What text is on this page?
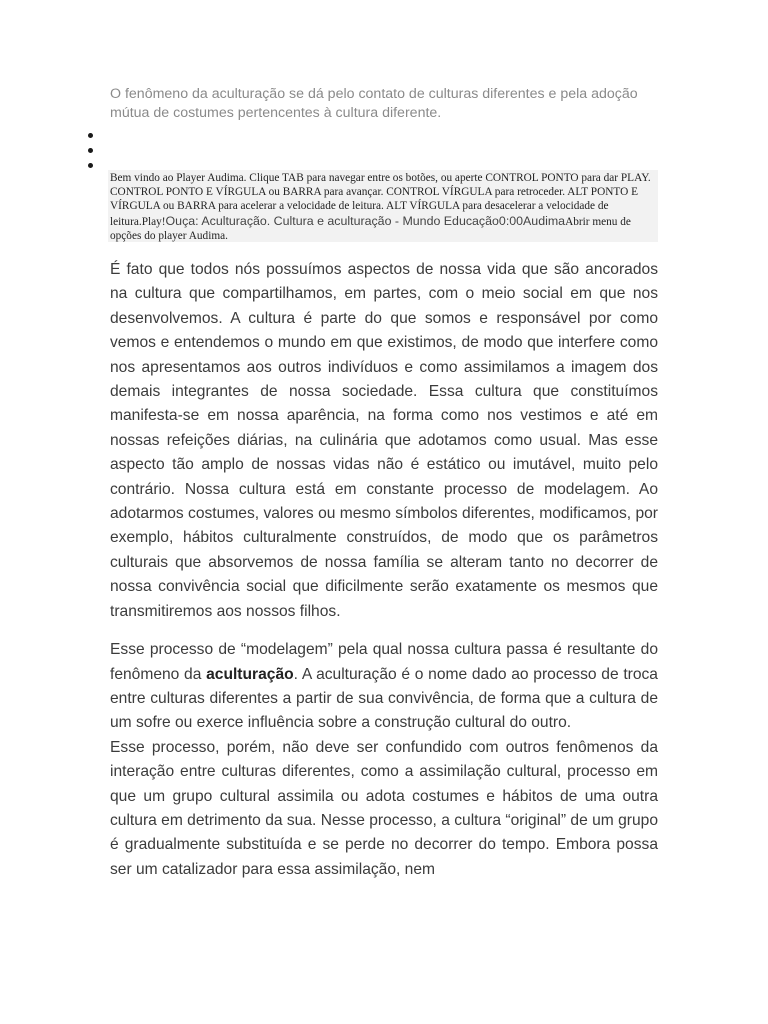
O fenômeno da aculturação se dá pelo contato de culturas diferentes e pela adoção mútua de costumes pertencentes à cultura diferente.

Bem vindo ao Player Audima. Clique TAB para navegar entre os botões, ou aperte CONTROL PONTO para dar PLAY. CONTROL PONTO E VÍRGULA ou BARRA para avançar. CONTROL VÍRGULA para retroceder. ALT PONTO E VÍRGULA ou BARRA para acelerar a velocidade de leitura. ALT VÍRGULA para desacelerar a velocidade de leitura.Play!Ouça: Aculturação. Cultura e aculturação - Mundo Educação0:00AudimaAbrir menu de opções do player Audima.

É fato que todos nós possuímos aspectos de nossa vida que são ancorados na cultura que compartilhamos, em partes, com o meio social em que nos desenvolvemos. A cultura é parte do que somos e responsável por como vemos e entendemos o mundo em que existimos, de modo que interfere como nos apresentamos aos outros indivíduos e como assimilamos a imagem dos demais integrantes de nossa sociedade. Essa cultura que constituímos manifesta-se em nossa aparência, na forma como nos vestimos e até em nossas refeições diárias, na culinária que adotamos como usual. Mas esse aspecto tão amplo de nossas vidas não é estático ou imutável, muito pelo contrário. Nossa cultura está em constante processo de modelagem. Ao adotarmos costumes, valores ou mesmo símbolos diferentes, modificamos, por exemplo, hábitos culturalmente construídos, de modo que os parâmetros culturais que absorvemos de nossa família se alteram tanto no decorrer de nossa convivência social que dificilmente serão exatamente os mesmos que transmitiremos aos nossos filhos.

Esse processo de “modelagem” pela qual nossa cultura passa é resultante do fenômeno da aculturação. A aculturação é o nome dado ao processo de troca entre culturas diferentes a partir de sua convivência, de forma que a cultura de um sofre ou exerce influência sobre a construção cultural do outro.

Esse processo, porém, não deve ser confundido com outros fenômenos da interação entre culturas diferentes, como a assimilação cultural, processo em que um grupo cultural assimila ou adota costumes e hábitos de uma outra cultura em detrimento da sua. Nesse processo, a cultura “original” de um grupo é gradualmente substituída e se perde no decorrer do tempo. Embora possa ser um catalizador para essa assimilação, nem
